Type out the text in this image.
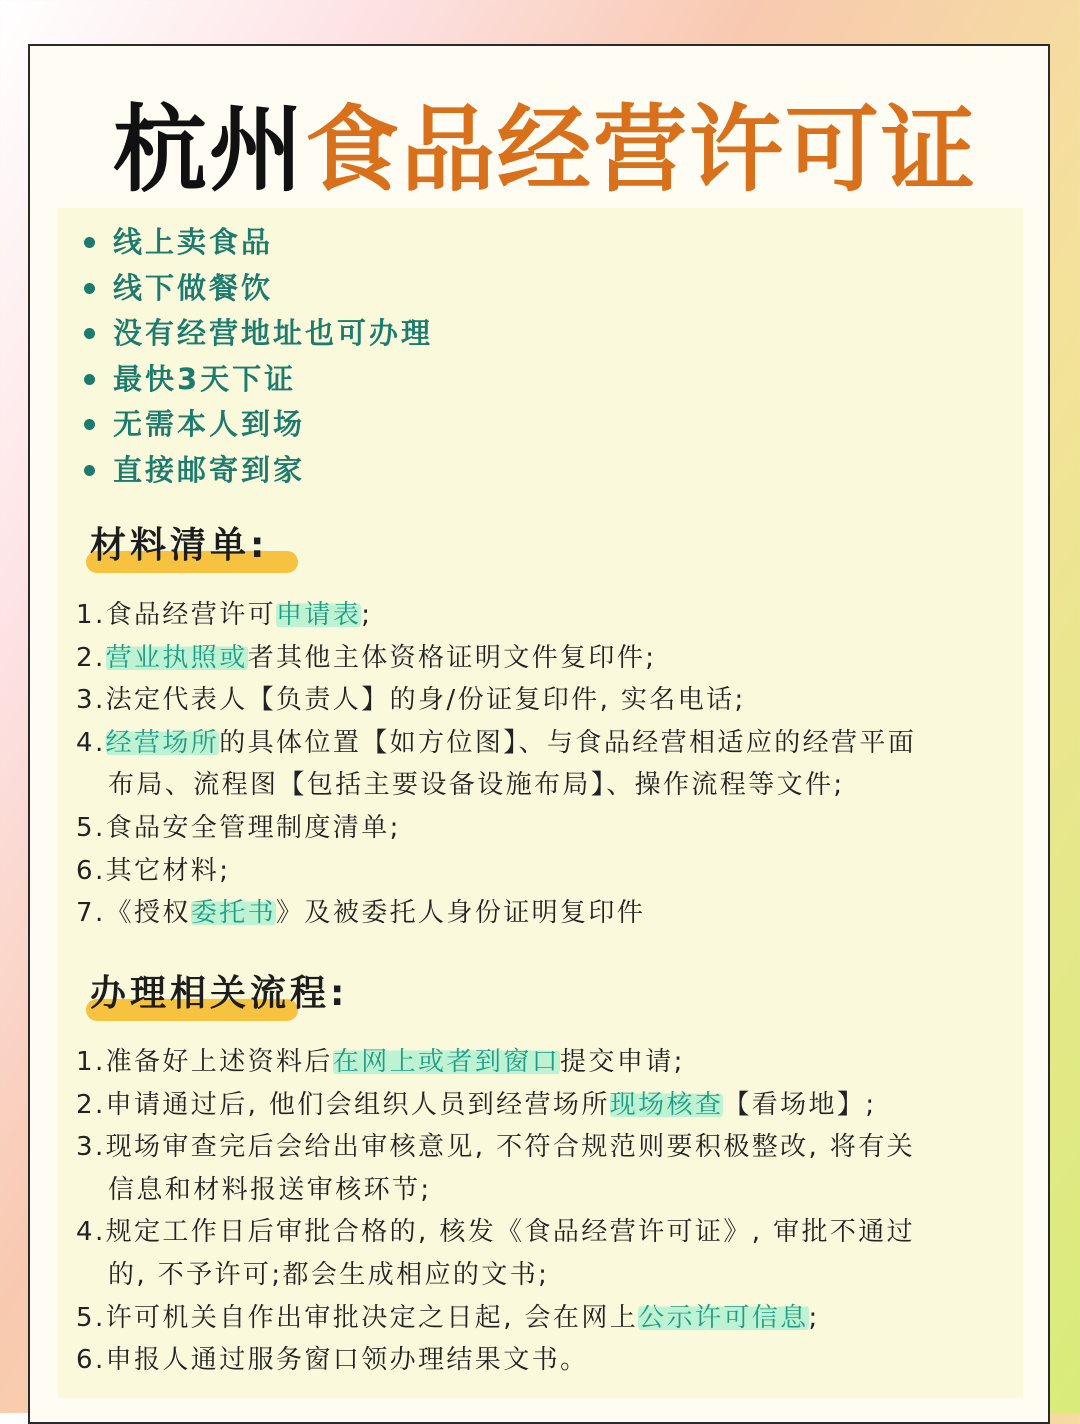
杭州 食品经营许可证
线上卖食品
线下做餐饮
没有经营地址也可办理
最快3天下证
无需本人到场
直接邮寄到家
材料清单:
1.食品经营许可申请表;
2.营业执照或者其他主体资格证明文件复印件;
3.法定代表人【负责人】的身/份证复印件, 实名电话;
4.经营场所的具体位置【如方位图】、与食品经营相适应的经营平面
布局、流程图【包括主要设备设施布局】、操作流程等文件;
5.食品安全管理制度清单;
6.其它材料;
7.《授权委托书》及被委托人身份证明复印件
办理相关流程:
1.准备好上述资料后在网上或者到窗口提交申请;
2.申请通过后, 他们会组织人员到经营场所现场核查【看场地】;
3.现场审查完后会给出审核意见, 不符合规范则要积极整改, 将有关
信息和材料报送审核环节;
4.规定工作日后审批合格的, 核发《食品经营许可证》, 审批不通过
的, 不予许可;都会生成相应的文书;
5.许可机关自作出审批决定之日起, 会在网上公示许可信息;
6.申报人通过服务窗口领办理结果文书。
